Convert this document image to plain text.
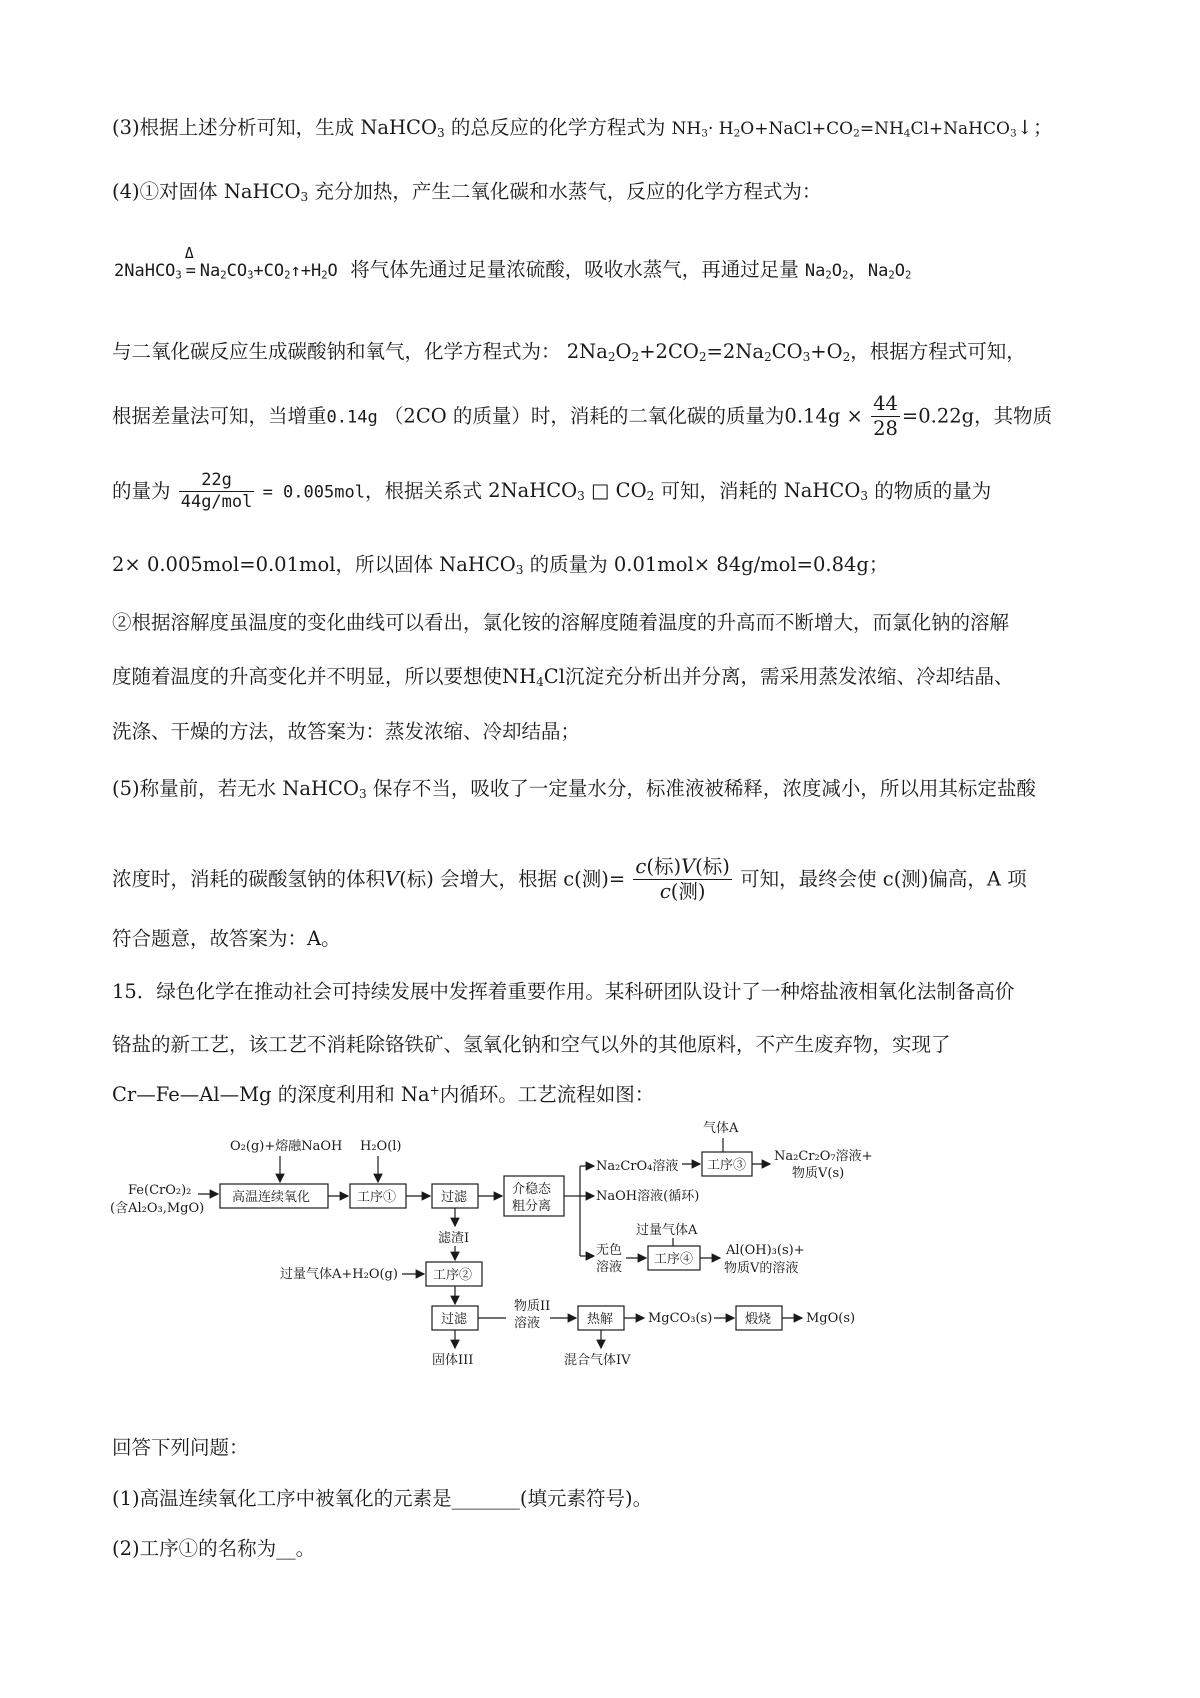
(3)根据上述分析可知，生成 NaHCO$_3$ 的总反应的化学方程式为 $NH_3\cdot$ $H_2O+NaCl+CO_2=NH_4Cl+NaHCO_3↓$；
(4)①对固体 NaHCO$_3$ 充分加热，产生二氧化碳和水蒸气，反应的化学方程式为：
2NaHCO$_3$
Δ
= $Na_2CO_3+CO_2↑+H_2O$ 将气体先通过足量浓硫酸，吸收水蒸气，再通过足量 $Na_2O_2$，$Na_2O_2$
与二氧化碳反应生成碳酸钠和氧气，化学方程式为： $2Na_2O_2+2CO_2=2Na_2CO_3+O_2$，根据方程式可知，
根据差量法可知，当增重0.14g （2CO 的质量）时，消耗的二氧化碳的质量为$0.14g \times \frac{44}{28} =0.22g$，其物质
的量为 $\frac{22g}{\text{44g/mol}} = 0.005mol$，根据关系式 2NaHCO$_3$ □ $CO_2$ 可知，消耗的 NaHCO$_3$ 的物质的量为
2× 0.005mol=0.01mol，所以固体 NaHCO$_3$ 的质量为 0.01mol× 84g/mol=0.84g；
②根据溶解度虽温度的变化曲线可以看出，氯化铵的溶解度随着温度的升高而不断增大，而氯化钠的溶解
度随着温度的升高变化并不明显，所以要想使$NH_4Cl$沉淀充分析出并分离，需采用蒸发浓缩、冷却结晶、
洗涤、干燥的方法，故答案为：蒸发浓缩、冷却结晶；
(5)称量前，若无水 NaHCO$_3$ 保存不当，吸收了一定量水分，标准液被稀释，浓度减小，所以用其标定盐酸
浓度时，消耗的碳酸氢钠的体积V(标) 会增大，根据 c(测)= $\frac{\text{c(标)V(标)}}{\text{c(测)}}$ 可知，最终会使 c(测)偏高，A 项
符合题意，故答案为：A。
15．绿色化学在推动社会可持续发展中发挥着重要作用。某科研团队设计了一种熔盐液相氧化法制备高价
铬盐的新工艺，该工艺不消耗除铬铁矿、氢氧化钠和空气以外的其他原料，不产生废弃物，实现了
Cr—Fe—Al—Mg 的深度利用和 Na+内循环。工艺流程如图：
O₂(g)+熔融NaOH H₂O(l)
气体A
Fe(CrO₂)₂
(含Al₂O₃,MgO)
高温连续氧化	工序①	过滤
介稳态
粗分离
Na₂CrO₄溶液 工序③
Na₂Cr₂O₇溶液+
物质V(s)
NaOH溶液(循环)
过量气体A
无色
溶液
工序④
Al(OH)₃(s)+
物质V的溶液
滤渣I
过量气体A+H₂O(g)	工序②
过滤
固体III
物质II
溶液	热解
混合气体IV
MgCO₃(s)	煅烧	MgO(s)
回答下列问题：
(1)高温连续氧化工序中被氧化的元素是_______(填元素符号)。
(2)工序①的名称为__。
